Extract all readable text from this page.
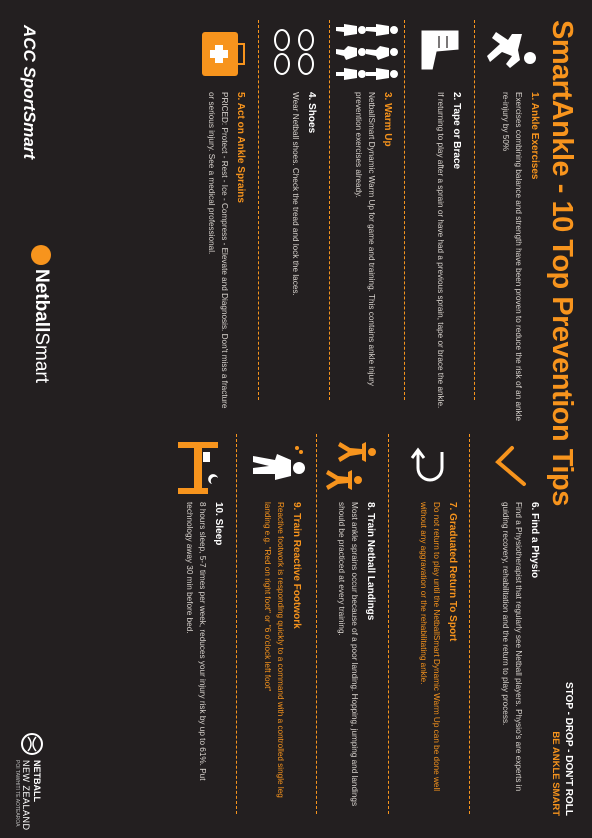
SmartAnkle - 10 Top Prevention Tips
STOP - DROP - DON'T ROLL
BE ANKLE SMART
1. Ankle Exercises

Exercises combining balance and strength have been proven to reduce the risk of an ankle re-injury by 50%

2. Tape or Brace

If returning to play after a sprain or have had a previous sprain, tape or brace the ankle.

3. Warm Up

NetballSmart Dynamic Warm Up for game and training. This contains ankle injury prevention exercises already.

4. Shoes

Wear Netball shoes. Check the tread and lock the laces.

5. Act on Ankle Sprains

PRICED: Protect - Rest - Ice - Compress - Elevate and Diagnosis. Don't miss a fracture or serious injury. See a medical professional.

6. Find a Physio

Find a Physiotherapist that regularly see Netball players. Physio's are experts in guiding recovery, rehabilitation and the return to play process.

7. Graduated Return To Sport

Do not return to play until the NetballSmart Dynamic Warm Up can be done well without any aggravation or the rehabilitating ankle.

8. Train Netball Landings

Most ankle sprains occur because of a poor landing. Hopping, jumping and landings should be practiced at every training.

9. Train Reactive Footwork

Reactive footwork is responding quickly to a command with a controlled single leg landing e.g. "Red on right foot" or "6 o'clock left foot"

10. Sleep

8 hours sleep, 5-7 times per week, reduces your injury risk by up to 61%. Put technology away 30 min before bed.

ACC SportSmart
NetballSmart
NETBALL
NEW ZEALAND
POI TAWHITI TE AOTEAROA
